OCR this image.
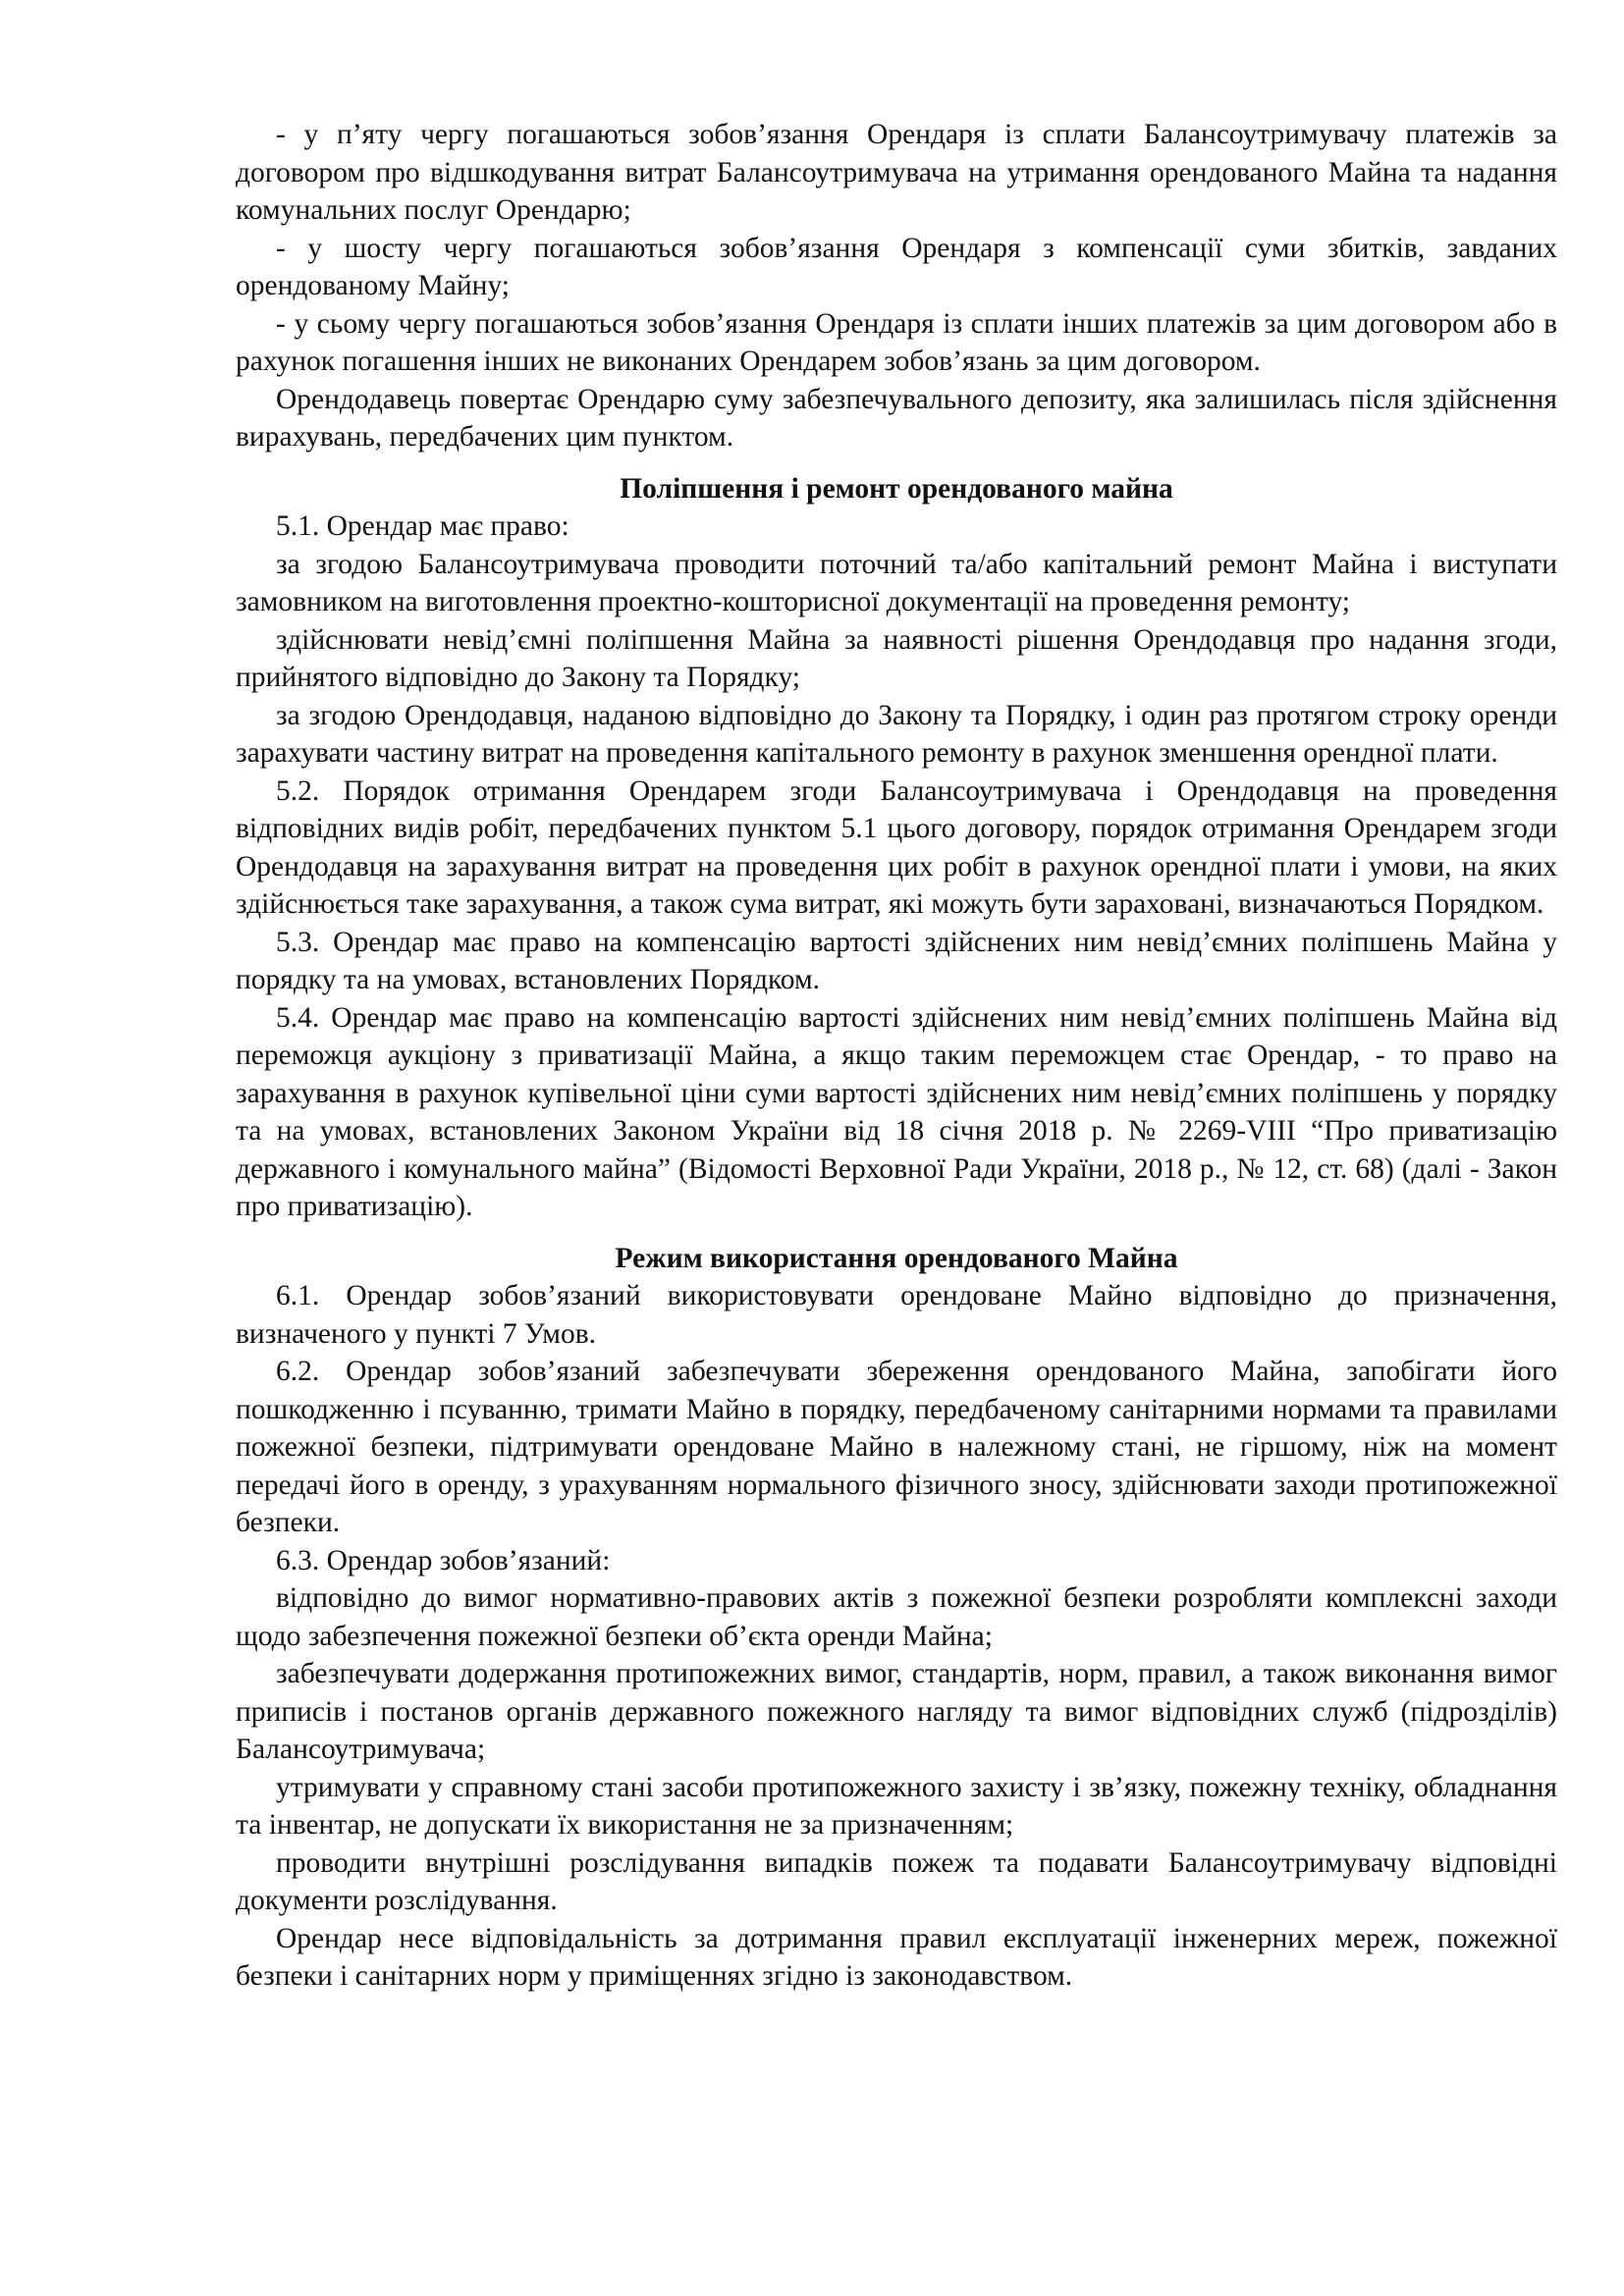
- у п’яту чергу погашаються зобов’язання Орендаря із сплати Балансоутримувачу платежів за договором про відшкодування витрат Балансоутримувача на утримання орендованого Майна та надання комунальних послуг Орендарю;

- у шосту чергу погашаються зобов’язання Орендаря з компенсації суми збитків, завданих орендованому Майну;

- у сьому чергу погашаються зобов’язання Орендаря із сплати інших платежів за цим договором або в рахунок погашення інших не виконаних Орендарем зобов’язань за цим договором.

Орендодавець повертає Орендарю суму забезпечувального депозиту, яка залишилась після здійснення вирахувань, передбачених цим пунктом.

Поліпшення і ремонт орендованого майна

5.1. Орендар має право:

за згодою Балансоутримувача проводити поточний та/або капітальний ремонт Майна і виступати замовником на виготовлення проектно-кошторисної документації на проведення ремонту;

здійснювати невід’ємні поліпшення Майна за наявності рішення Орендодавця про надання згоди, прийнятого відповідно до Закону та Порядку;

за згодою Орендодавця, наданою відповідно до Закону та Порядку, і один раз протягом строку оренди зарахувати частину витрат на проведення капітального ремонту в рахунок зменшення орендної плати.

5.2. Порядок отримання Орендарем згоди Балансоутримувача і Орендодавця на проведення відповідних видів робіт, передбачених пунктом 5.1 цього договору, порядок отримання Орендарем згоди Орендодавця на зарахування витрат на проведення цих робіт в рахунок орендної плати і умови, на яких здійснюється таке зарахування, а також сума витрат, які можуть бути зараховані, визначаються Порядком.

5.3. Орендар має право на компенсацію вартості здійснених ним невід’ємних поліпшень Майна у порядку та на умовах, встановлених Порядком.

5.4. Орендар має право на компенсацію вартості здійснених ним невід’ємних поліпшень Майна від переможця аукціону з приватизації Майна, а якщо таким переможцем стає Орендар, - то право на зарахування в рахунок купівельної ціни суми вартості здійснених ним невід’ємних поліпшень у порядку та на умовах, встановлених Законом України від 18 січня 2018 р. № 2269-VIII “Про приватизацію державного і комунального майна” (Відомості Верховної Ради України, 2018 р., № 12, ст. 68) (далі - Закон про приватизацію).

Режим використання орендованого Майна

6.1. Орендар зобов’язаний використовувати орендоване Майно відповідно до призначення, визначеного у пункті 7 Умов.

6.2. Орендар зобов’язаний забезпечувати збереження орендованого Майна, запобігати його пошкодженню і псуванню, тримати Майно в порядку, передбаченому санітарними нормами та правилами пожежної безпеки, підтримувати орендоване Майно в належному стані, не гіршому, ніж на момент передачі його в оренду, з урахуванням нормального фізичного зносу, здійснювати заходи протипожежної безпеки.

6.3. Орендар зобов’язаний:

відповідно до вимог нормативно-правових актів з пожежної безпеки розробляти комплексні заходи щодо забезпечення пожежної безпеки об’єкта оренди Майна;

забезпечувати додержання протипожежних вимог, стандартів, норм, правил, а також виконання вимог приписів і постанов органів державного пожежного нагляду та вимог відповідних служб (підрозділів) Балансоутримувача;

утримувати у справному стані засоби протипожежного захисту і зв’язку, пожежну техніку, обладнання та інвентар, не допускати їх використання не за призначенням;

проводити внутрішні розслідування випадків пожеж та подавати Балансоутримувачу відповідні документи розслідування.

Орендар несе відповідальність за дотримання правил експлуатації інженерних мереж, пожежної безпеки і санітарних норм у приміщеннях згідно із законодавством.
